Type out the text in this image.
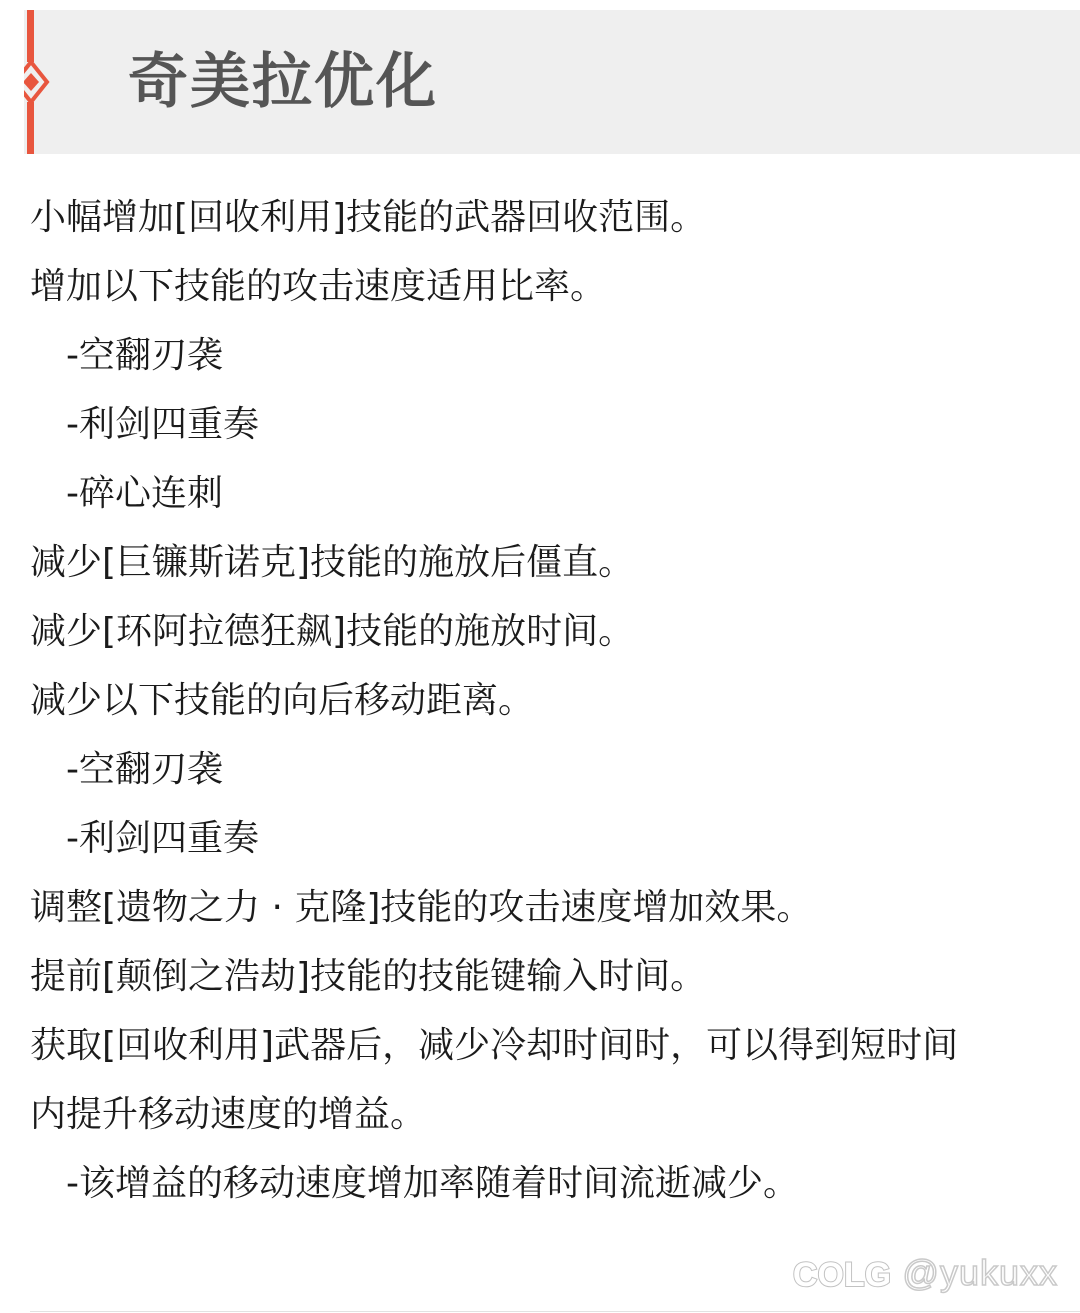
奇美拉优化
小幅增加[回收利用]技能的武器回收范围。
增加以下技能的攻击速度适用比率。
-空翻刃袭
-利剑四重奏
-碎心连刺
减少[巨镰斯诺克]技能的施放后僵直。
减少[环阿拉德狂飙]技能的施放时间。
减少以下技能的向后移动距离。
-空翻刃袭
-利剑四重奏
调整[遗物之力 · 克隆]技能的攻击速度增加效果。
提前[颠倒之浩劫]技能的技能键输入时间。
获取[回收利用]武器后，减少冷却时间时，可以得到短时间
内提升移动速度的增益。
-该增益的移动速度增加率随着时间流逝减少。
COLG @yukuxx
